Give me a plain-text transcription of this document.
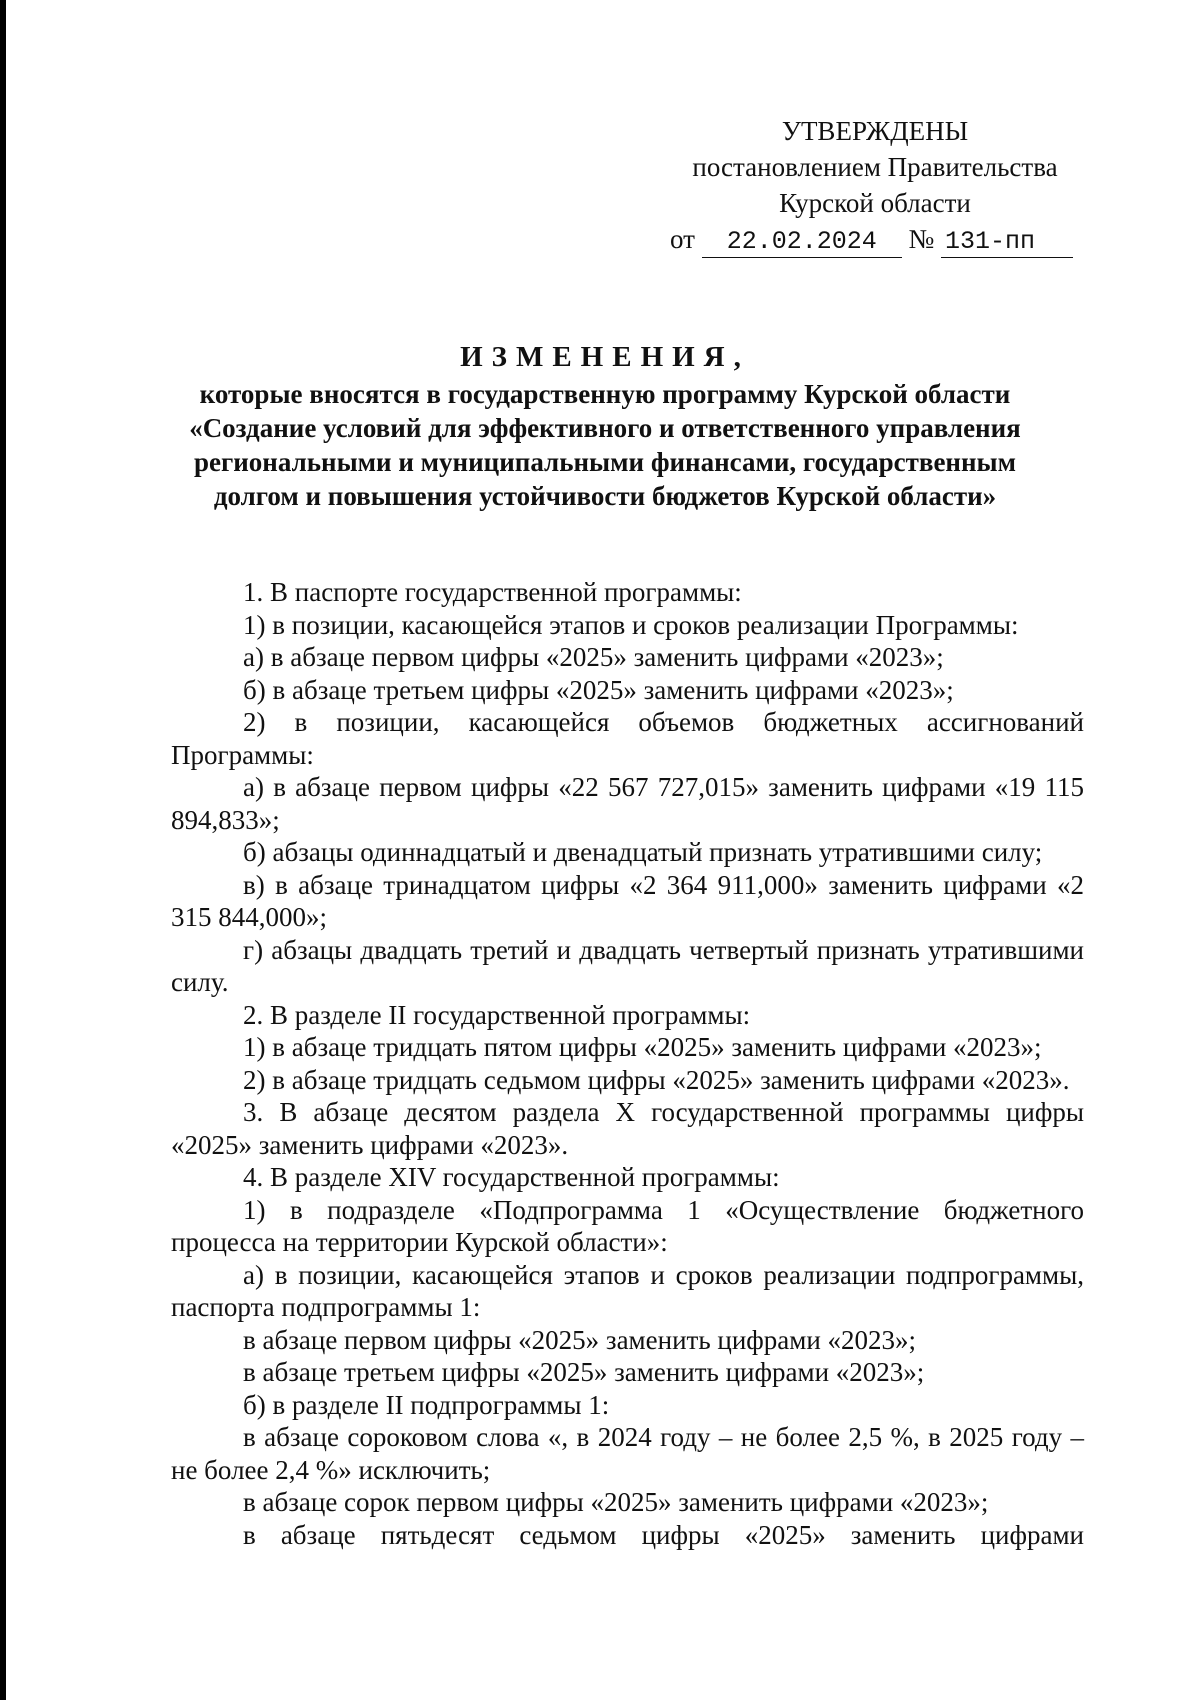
УТВЕРЖДЕНЫ
постановлением Правительства
Курской области
от 22.02.2024 № 131-пп
ИЗМЕНЕНИЯ,
которые вносятся в государственную программу Курской области
«Создание условий для эффективного и ответственного управления
региональными и муниципальными финансами, государственным
долгом и повышения устойчивости бюджетов Курской области»

1. В паспорте государственной программы:

1) в позиции, касающейся этапов и сроков реализации Программы:

а) в абзаце первом цифры «2025» заменить цифрами «2023»;

б) в абзаце третьем цифры «2025» заменить цифрами «2023»;

2) в позиции, касающейся объемов бюджетных ассигнований Программы:

а) в абзаце первом цифры «22 567 727,015» заменить цифрами «19 115 894,833»;

б) абзацы одиннадцатый и двенадцатый признать утратившими силу;

в) в абзаце тринадцатом цифры «2 364 911,000» заменить цифрами «2 315 844,000»;

г) абзацы двадцать третий и двадцать четвертый признать утратившими силу.

2. В разделе II государственной программы:

1) в абзаце тридцать пятом цифры «2025» заменить цифрами «2023»;

2) в абзаце тридцать седьмом цифры «2025» заменить цифрами «2023».

3. В абзаце десятом раздела X государственной программы цифры «2025» заменить цифрами «2023».

4. В разделе XIV государственной программы:

1) в подразделе «Подпрограмма 1 «Осуществление бюджетного процесса на территории Курской области»:

а) в позиции, касающейся этапов и сроков реализации подпрограммы, паспорта подпрограммы 1:

в абзаце первом цифры «2025» заменить цифрами «2023»;

в абзаце третьем цифры «2025» заменить цифрами «2023»;

б) в разделе II подпрограммы 1:

в абзаце сороковом слова «, в 2024 году – не более 2,5 %, в 2025 году – не более 2,4 %» исключить;

в абзаце сорок первом цифры «2025» заменить цифрами «2023»;

в абзаце пятьдесят седьмом цифры «2025» заменить цифрами
